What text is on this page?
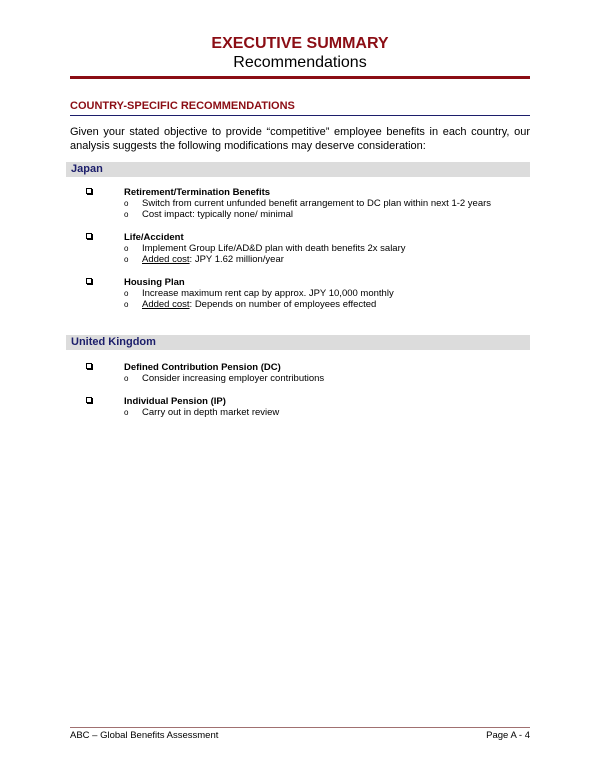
EXECUTIVE SUMMARY
Recommendations
COUNTRY-SPECIFIC RECOMMENDATIONS
Given your stated objective to provide “competitive” employee benefits in each country, our analysis suggests the following modifications may deserve consideration:
Japan
Retirement/Termination Benefits
o Switch from current unfunded benefit arrangement to DC plan within next 1-2 years
o Cost impact: typically none/ minimal
Life/Accident
o Implement Group Life/AD&D plan with death benefits 2x salary
o Added cost: JPY 1.62 million/year
Housing Plan
o Increase maximum rent cap by approx. JPY 10,000 monthly
o Added cost: Depends on number of employees effected
United Kingdom
Defined Contribution Pension (DC)
o Consider increasing employer contributions
Individual Pension (IP)
o Carry out in depth market review
ABC – Global Benefits Assessment	Page A - 4
